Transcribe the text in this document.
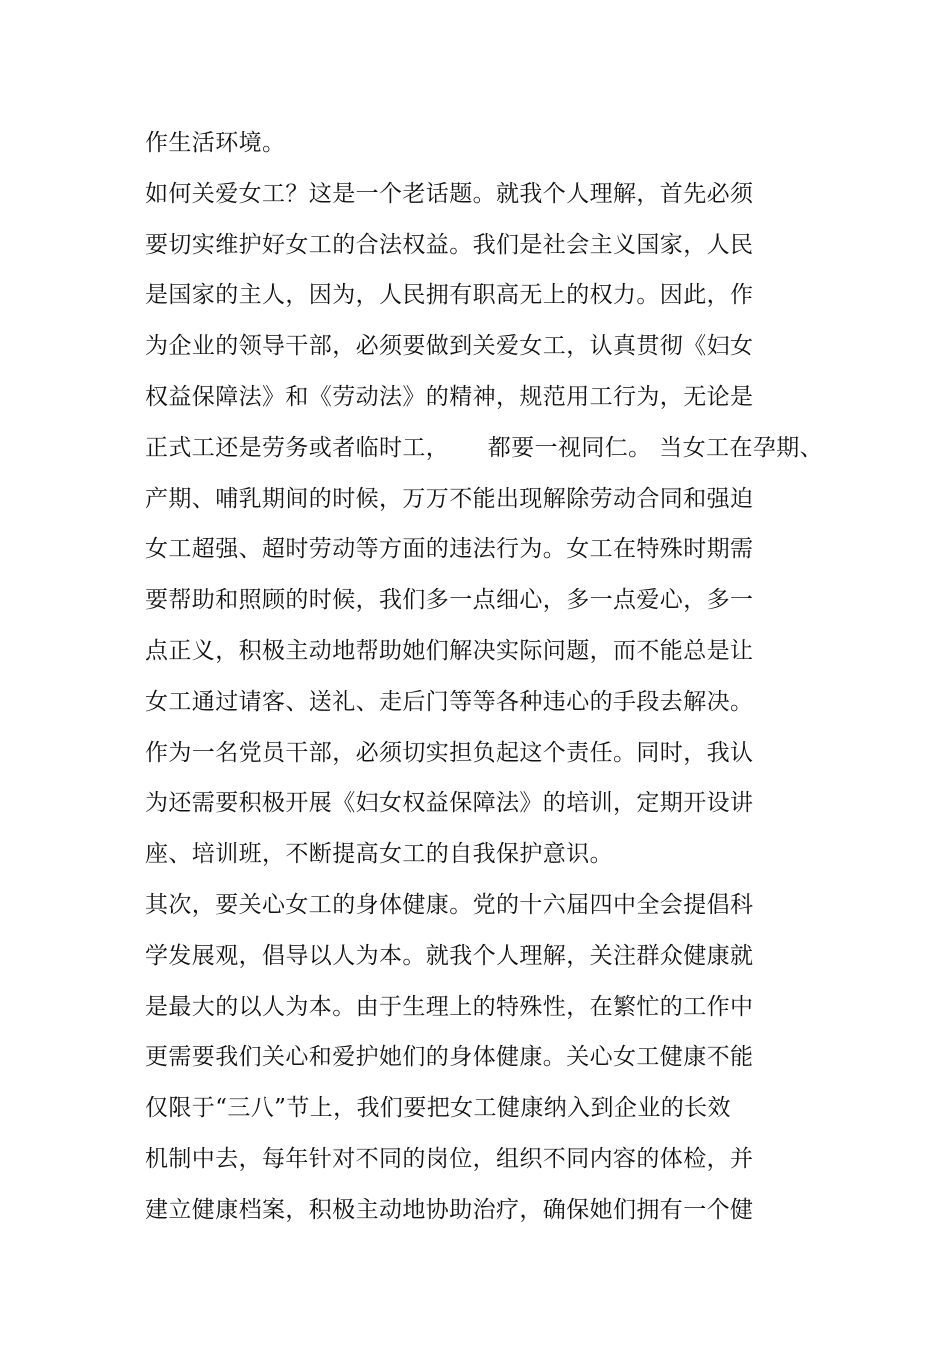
作生活环境。
如何关爱女工？这是一个老话题。就我个人理解，首先必须
要切实维护好女工的合法权益。我们是社会主义国家，人民
是国家的主人，因为，人民拥有职高无上的权力。因此，作
为企业的领导干部，必须要做到关爱女工，认真贯彻《妇女
权益保障法》和《劳动法》的精神，规范用工行为，无论是
正式工还是劳务或者临时工，     都要一视同仁。 当女工在孕期、
产期、哺乳期间的时候，万万不能出现解除劳动合同和强迫
女工超强、超时劳动等方面的违法行为。女工在特殊时期需
要帮助和照顾的时候，我们多一点细心，多一点爱心，多一
点正义，积极主动地帮助她们解决实际问题，而不能总是让
女工通过请客、送礼、走后门等等各种违心的手段去解决。
作为一名党员干部，必须切实担负起这个责任。同时，我认
为还需要积极开展《妇女权益保障法》的培训，定期开设讲
座、培训班，不断提高女工的自我保护意识。
其次，要关心女工的身体健康。党的十六届四中全会提倡科
学发展观，倡导以人为本。就我个人理解，关注群众健康就
是最大的以人为本。由于生理上的特殊性，在繁忙的工作中
更需要我们关心和爱护她们的身体健康。关心女工健康不能
仅限于“三八”节上，我们要把女工健康纳入到企业的长效
机制中去，每年针对不同的岗位，组织不同内容的体检，并
建立健康档案，积极主动地协助治疗，确保她们拥有一个健
